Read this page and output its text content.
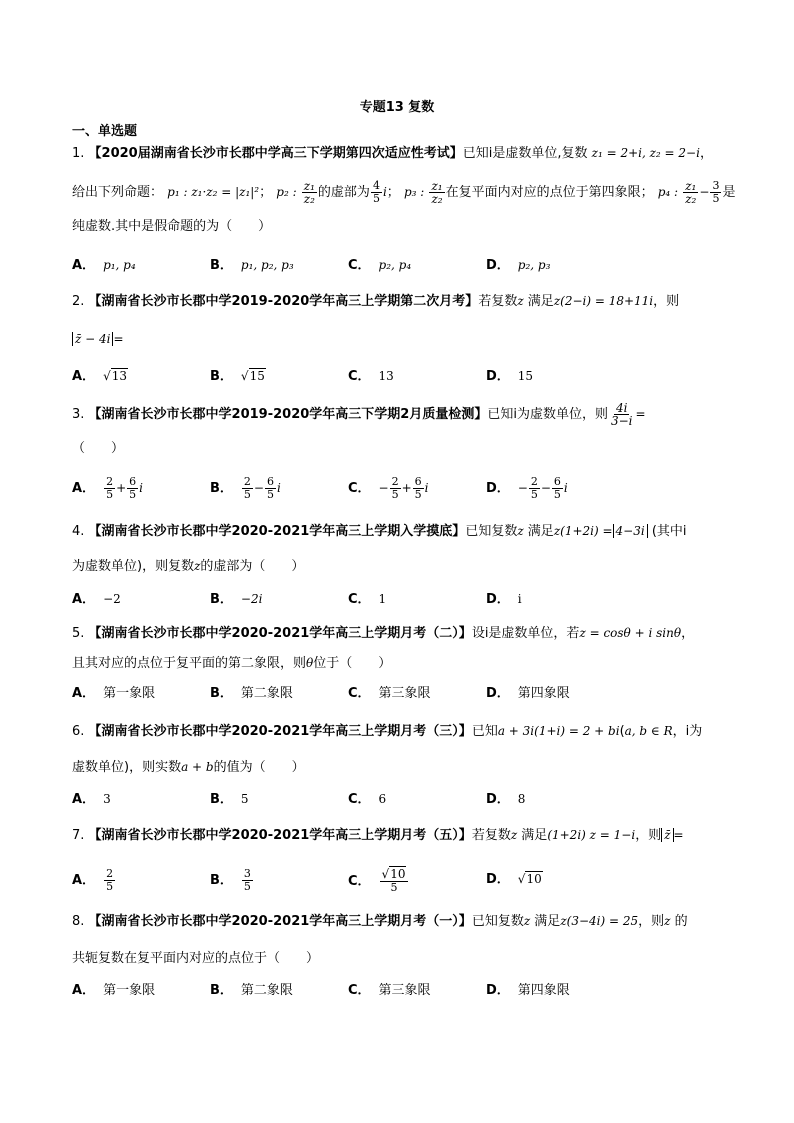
专题13 复数
一、单选题
1. 【2020届湖南省长沙市长郡中学高三下学期第四次适应性考试】已知i是虚数单位,复数 z₁ = 2+i, z₂ = 2−i，
给出下列命题： p₁ : z₁·z₂ = |z₁|²； p₂ : $\frac{\text{z₁}}{\text{z₂}}$ 的虚部为 $\frac{4}{5}$ i； p₃ : $\frac{\text{z₁}}{\text{z₂}}$ 在复平面内对应的点位于第四象限； p₄ : $\frac{\text{z₁}}{\text{z₂}} - \frac{3}{5}$ 是
纯虚数.其中是假命题的为（　　）
A． p₁, p₄	B． p₁, p₂, p₃	C． p₂, p₄	D． p₂, p₃
2. 【湖南省长沙市长郡中学2019-2020学年高三上学期第二次月考】若复数z 满足z(2−i) = 18+11i，则
z̄ − 4i =
A． √13	B． √15	C． 13	D． 15
3. 【湖南省长沙市长郡中学2019-2020学年高三下学期2月质量检测】已知i为虚数单位，则 $\frac{4i}{3-i}$ =
（　　）
A． $\frac{2}{5} + \frac{6}{5}$ i	B． $\frac{2}{5} - \frac{6}{5}$ i	C． − $\frac{2}{5} + \frac{6}{5}$ i	D． − $\frac{2}{5} - \frac{6}{5}$ i
4. 【湖南省长沙市长郡中学2020-2021学年高三上学期入学摸底】已知复数z 满足z(1+2i) = 4−3i (其中i
为虚数单位)，则复数z的虚部为（　　）
A． −2	B． −2i	C． 1	D． i
5. 【湖南省长沙市长郡中学2020-2021学年高三上学期月考（二）】设i是虚数单位，若z = cosθ + i sinθ，
且其对应的点位于复平面的第二象限，则θ位于（　　）
A． 第一象限	B． 第二象限	C． 第三象限	D． 第四象限
6. 【湖南省长沙市长郡中学2020-2021学年高三上学期月考（三）】已知a + 3i(1+i) = 2 + bi(a, b ∈ R，i为
虚数单位)，则实数a + b的值为（　　）
A． 3	B． 5	C． 6	D． 8
7. 【湖南省长沙市长郡中学2020-2021学年高三上学期月考（五）】若复数z 满足(1+2i) z = 1−i，则 z̄ =
A． $\frac{2}{5}$	B． $\frac{3}{5}$	C． $\frac{√10}{5}$	D． √10
8. 【湖南省长沙市长郡中学2020-2021学年高三上学期月考（一）】已知复数z 满足z(3−4i) = 25，则z 的
共轭复数在复平面内对应的点位于（　　）
A． 第一象限	B． 第二象限	C． 第三象限	D． 第四象限
